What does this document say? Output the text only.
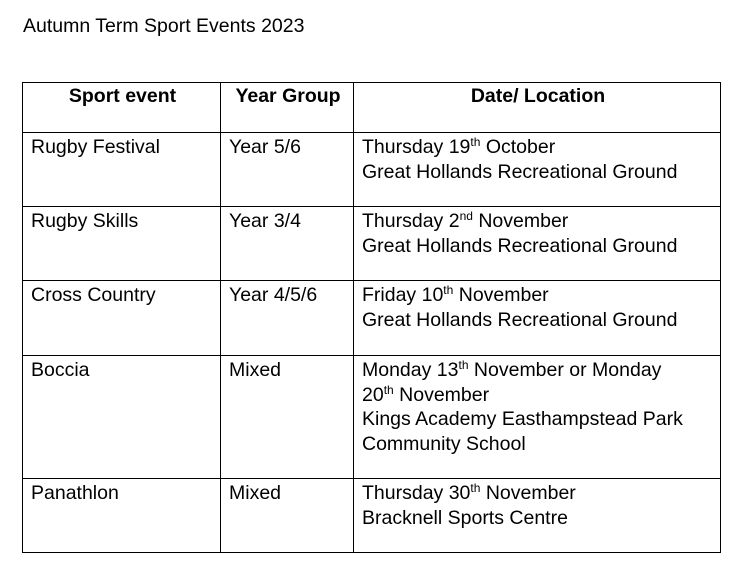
Autumn Term Sport Events 2023
Sport event	Year Group	Date/ Location
Rugby Festival	Year 5/6	Thursday 19th October
Great Hollands Recreational Ground

Rugby Skills	Year 3/4	Thursday 2nd November
Great Hollands Recreational Ground

Cross Country	Year 4/5/6	Friday 10th November
Great Hollands Recreational Ground

Boccia	Mixed	Monday 13th November or Monday
20th November
Kings Academy Easthampstead Park
Community School

Panathlon	Mixed	Thursday 30th November
Bracknell Sports Centre
